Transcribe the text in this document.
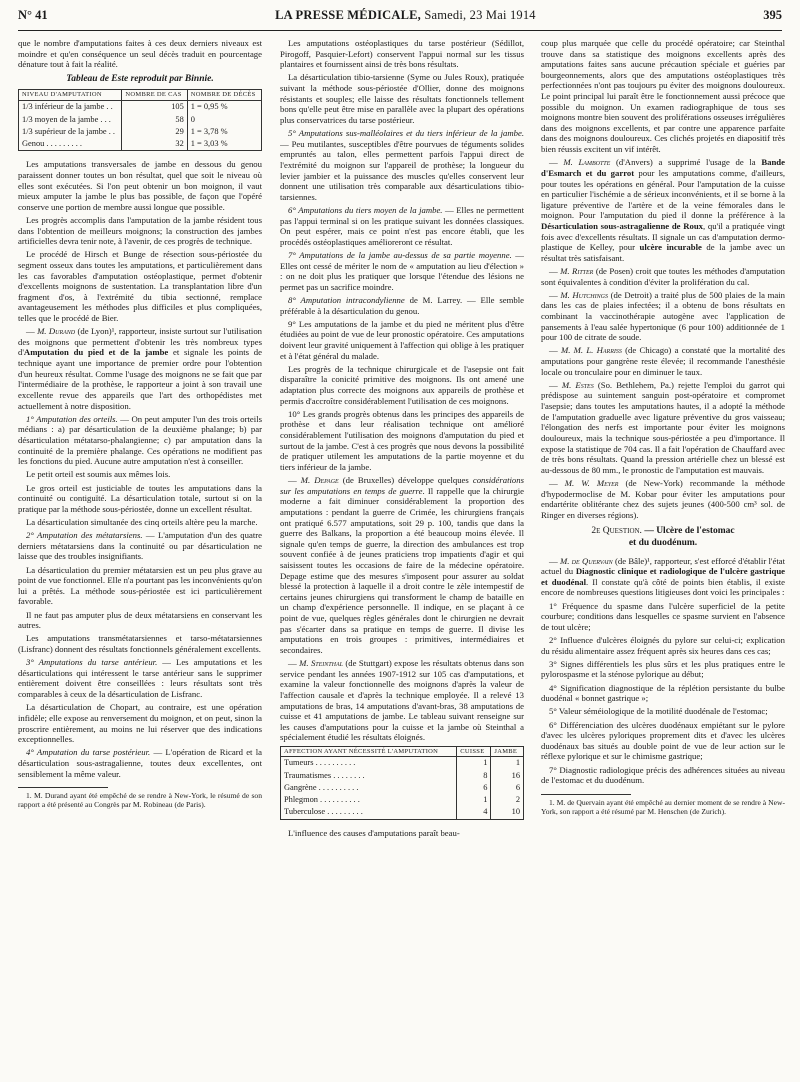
N° 41	LA PRESSE MÉDICALE, Samedi, 23 Mai 1914	395

que le nombre d'amputations faites à ces deux derniers niveaux est moindre et qu'en conséquence un seul décès traduit en pourcentage dénature tout à fait la réalité.

Tableau de Este reproduit par Binnie.
NIVEAU D'AMPUTATION	NOMBRE DE CAS	NOMBRE DE DÉCÈS
1/3 inférieur de la jambe . .	105	1 = 0,95 %
1/3 moyen de la jambe . . .	58	0
1/3 supérieur de la jambe . .	29	1 = 3,78 %
Genou . . . . . . . . .	32	1 = 3,03 %

Les amputations transversales de jambe en dessous du genou paraissent donner toutes un bon résultat, quel que soit le niveau où elles sont exécutées. Si l'on peut obtenir un bon moignon, il vaut mieux amputer la jambe le plus bas possible, de façon que l'opéré conserve une portion de membre aussi longue que possible.

Les progrès accomplis dans l'amputation de la jambe résident tous dans l'obtention de meilleurs moignons; la construction des jambes artificielles devra tenir note, à l'avenir, de ces progrès de technique.

Le procédé de Hirsch et Bunge de résection sous-périostée du segment osseux dans toutes les amputations, et particulièrement dans les cas favorables d'amputation ostéoplastique, permet d'obtenir d'excellents moignons de sustentation. La transplantation libre d'un fragment d'os, à l'extrémité du tibia sectionné, remplace avantageusement les méthodes plus difficiles et plus compliquées, telles que le procédé de Bier.

— M. Durand (de Lyon)¹, rapporteur, insiste surtout sur l'utilisation des moignons que permettent d'obtenir les très nombreux types d'Amputation du pied et de la jambe et signale les points de technique ayant une importance de premier ordre pour l'obtention d'un heureux résultat. Comme l'usage des moignons ne se fait que par l'intermédiaire de la prothèse, le rapporteur a joint à son travail une excellente revue des appareils que l'art des orthopédistes met actuellement à notre disposition.

1° Amputation des orteils. — On peut amputer l'un des trois orteils médians : a) par désarticulation de la deuxième phalange; b) par désarticulation métatarso-phalangienne; c) par amputation dans la continuité de la première phalange. Ces opérations ne modifient pas les fonctions du pied. Aucune autre amputation n'est à conseiller.

Le petit orteil est soumis aux mêmes lois.

Le gros orteil est justiciable de toutes les amputations dans la continuité ou contiguïté. La désarticulation totale, surtout si on la pratique par la méthode sous-périostée, donne un excellent résultat.

La désarticulation simultanée des cinq orteils altère peu la marche.

2° Amputation des métatarsiens. — L'amputation d'un des quatre derniers métatarsiens dans la continuité ou par désarticulation ne laisse que des troubles insignifiants.

La désarticulation du premier métatarsien est un peu plus grave au point de vue fonctionnel. Elle n'a pourtant pas les inconvénients qu'on lui a prêtés. La méthode sous-périostée est ici particulièrement favorable.

Il ne faut pas amputer plus de deux métatarsiens en conservant les autres.

Les amputations transmétatarsiennes et tarso-métatarsiennes (Lisfranc) donnent des résultats fonctionnels généralement excellents.

3° Amputations du tarse antérieur. — Les amputations et les désarticulations qui intéressent le tarse antérieur sans le supprimer entièrement doivent être conseillées : leurs résultats sont très comparables à ceux de la désarticulation de Lisfranc.

La désarticulation de Chopart, au contraire, est une opération infidèle; elle expose au renversement du moignon, et on peut, sinon la proscrire entièrement, au moins ne lui réserver que des indications exceptionnelles.

4° Amputation du tarse postérieur. — L'opération de Ricard et la désarticulation sous-astragalienne, toutes deux excellentes, ont sensiblement la même valeur.

1. M. Durand ayant été empêché de se rendre à New-York, le résumé de son rapport a été présenté au Congrès par M. Robineau (de Paris).

Les amputations ostéoplastiques du tarse postérieur (Sédillot, Pirogoff, Pasquier-Lefort) conservent l'appui normal sur les tissus plantaires et fournissent ainsi de très bons résultats.

La désarticulation tibio-tarsienne (Syme ou Jules Roux), pratiquée suivant la méthode sous-périostée d'Ollier, donne des moignons résistants et souples; elle laisse des résultats fonctionnels tellement bons qu'elle peut être mise en parallèle avec la plupart des opérations plus conservatrices du tarse postérieur.

5° Amputations sus-malléolaires et du tiers inférieur de la jambe. — Peu mutilantes, susceptibles d'être pourvues de téguments solides empruntés au talon, elles permettent parfois l'appui direct de l'extrémité du moignon sur l'appareil de prothèse; la longueur du levier jambier et la puissance des muscles qu'elles conservent leur donnent une utilisation très comparable aux désarticulations tibio-tarsiennes.

6° Amputations du tiers moyen de la jambe. — Elles ne permettent pas l'appui terminal si on les pratique suivant les données classiques. On peut espérer, mais ce point n'est pas encore établi, que les procédés ostéoplastiques amélioreront ce résultat.

7° Amputations de la jambe au-dessus de sa partie moyenne. — Elles ont cessé de mériter le nom de « amputation au lieu d'élection » : on ne doit plus les pratiquer que lorsque l'étendue des lésions ne permet pas un sacrifice moindre.

8° Amputation intracondylienne de M. Larrey. — Elle semble préférable à la désarticulation du genou.

9° Les amputations de la jambe et du pied ne méritent plus d'être étudiées au point de vue de leur pronostic opératoire. Ces amputations doivent leur gravité uniquement à l'affection qui oblige à les pratiquer et à l'état général du malade.

Les progrès de la technique chirurgicale et de l'asepsie ont fait disparaître la conicité primitive des moignons. Ils ont amené une adaptation plus correcte des moignons aux appareils de prothèse et permis d'accroître considérablement l'utilisation de ces moignons.

10° Les grands progrès obtenus dans les principes des appareils de prothèse et dans leur réalisation technique ont amélioré considérablement l'utilisation des moignons d'amputation du pied et surtout de la jambe. C'est à ces progrès que nous devons la possibilité de pratiquer utilement les amputations de la partie moyenne et du tiers inférieur de la jambe.

— M. Depage (de Bruxelles) développe quelques considérations sur les amputations en temps de guerre. Il rappelle que la chirurgie moderne a fait diminuer considérablement la proportion des amputations : pendant la guerre de Crimée, les chirurgiens français ont pratiqué 6.577 amputations, soit 29 p. 100, tandis que dans la guerre des Balkans, la proportion a été beaucoup moins élevée. Il signale qu'en temps de guerre, la direction des ambulances est trop souvent confiée à de jeunes praticiens trop impatients d'agir et qui saisissent toutes les occasions de faire de la médecine opératoire. Depage estime que des mesures s'imposent pour assurer au soldat blessé la protection à laquelle il a droit contre le zèle intempestif de certains jeunes chirurgiens qui transforment le champ de bataille en un champ d'expérience personnelle. Il indique, en se plaçant à ce point de vue, quelques règles générales dont le chirurgien ne devrait pas s'écarter dans sa pratique en temps de guerre. Il divise les amputations en trois groupes : primitives, intermédiaires et secondaires.

— M. Steinthal (de Stuttgart) expose les résultats obtenus dans son service pendant les années 1907-1912 sur 105 cas d'amputations, et examine la valeur fonctionnelle des moignons d'après la valeur de l'affection causale et d'après la technique employée. Il a relevé 13 amputations de bras, 14 amputations d'avant-bras, 38 amputations de cuisse et 41 amputations de jambe. Le tableau suivant renseigne sur les causes d'amputations pour la cuisse et la jambe où Steinthal a spécialement étudié les résultats éloignés.

AFFECTION AYANT NÉCESSITÉ L'AMPUTATION	CUISSE	JAMBE
Tumeurs . . . . . . . . . .	1	1
Traumatismes . . . . . . . .	8	16
Gangrène . . . . . . . . . .	6	6
Phlegmon . . . . . . . . . .	1	2
Tuberculose . . . . . . . . .	4	10

L'influence des causes d'amputations paraît beau-

coup plus marquée que celle du procédé opératoire; car Steinthal trouve dans sa statistique des moignons excellents après des amputations faites sans aucune précaution spéciale et guéries par bourgeonnements, alors que des amputations ostéoplastiques très perfectionnées n'ont pas toujours pu éviter des moignons douloureux. Le point principal lui paraît être le fonctionnement aussi précoce que possible du moignon. Un examen radiographique de tous ses moignons montre bien souvent des proliférations osseuses irrégulières dans des moignons excellents, et par contre une apparence parfaite dans des moignons douloureux. Ces clichés projetés en diapositif très bien réussis excitent un vif intérêt.

— M. Lambotte (d'Anvers) a supprimé l'usage de la Bande d'Esmarch et du garrot pour les amputations comme, d'ailleurs, pour toutes les opérations en général. Pour l'amputation de la cuisse en particulier l'ischémie a de sérieux inconvénients, et il se borne à la ligature préventive de l'artère et de la veine fémorales dans le moignon. Pour l'amputation du pied il donne la préférence à la Désarticulation sous-astragalienne de Roux, qu'il a pratiquée vingt fois avec d'excellents résultats. Il signale un cas d'amputation dermo-plastique de Kelley, pour ulcère incurable de la jambe avec un résultat très satisfaisant.

— M. Ritter (de Posen) croit que toutes les méthodes d'amputation sont équivalentes à condition d'éviter la prolifération du cal.

— M. Hutchings (de Detroit) a traité plus de 500 plaies de la main dans les cas de plaies infectées; il a obtenu de bons résultats en combinant la vaccinothérapie autogène avec l'application de pansements à l'eau salée hypertonique (6 pour 100) additionnée de 1 pour 100 de citrate de soude.

— M. M. L. Harriss (de Chicago) a constaté que la mortalité des amputations pour gangrène reste élevée; il recommande l'anesthésie locale ou tronculaire pour en diminuer le taux.

— M. Estes (So. Bethlehem, Pa.) rejette l'emploi du garrot qui prédispose au suintement sanguin post-opératoire et compromet l'asepsie; dans toutes les amputations hautes, il a adopté la méthode de l'amputation graduelle avec ligature préventive du gros vaisseau; l'élongation des nerfs est importante pour éviter les moignons douloureux, mais la technique sous-périostée a peu d'importance. Il expose la statistique de 704 cas. Il a fait l'opération de Chauffard avec de très bons résultats. Quand la pression artérielle chez un blessé est au-dessous de 80 mm., le pronostic de l'amputation est mauvais.

— M. W. Meyer (de New-York) recommande la méthode d'hypodermoclise de M. Kobar pour éviter les amputations pour endartérite oblitérante chez des sujets jeunes (400-500 cm³ sol. de Ringer en diverses régions).

2e Question. — Ulcère de l'estomac
et du duodénum.

— M. de Quervain (de Bâle)¹, rapporteur, s'est efforcé d'établir l'état actuel du Diagnostic clinique et radiologique de l'ulcère gastrique et duodénal. Il constate qu'à côté de points bien établis, il existe encore de nombreuses questions litigieuses dont voici les principales :

1° Fréquence du spasme dans l'ulcère superficiel de la petite courbure; conditions dans lesquelles ce spasme survient en l'absence de tout ulcère;

2° Influence d'ulcères éloignés du pylore sur celui-ci; explication du résidu alimentaire assez fréquent après six heures dans ces cas;

3° Signes différentiels les plus sûrs et les plus pratiques entre le pylorospasme et la sténose pylorique au début;

4° Signification diagnostique de la réplétion persistante du bulbe duodénal « bonnet gastrique »;

5° Valeur séméiologique de la motilité duodénale de l'estomac;

6° Différenciation des ulcères duodénaux empiétant sur le pylore d'avec les ulcères pyloriques proprement dits et d'avec les ulcères duodénaux bas situés au double point de vue de leur action sur le réflexe pylorique et sur le chimisme gastrique;

7° Diagnostic radiologique précis des adhérences situées au niveau de l'estomac et du duodénum.

1. M. de Quervain ayant été empêché au dernier moment de se rendre à New-York, son rapport a été résumé par M. Henschen (de Zurich).
